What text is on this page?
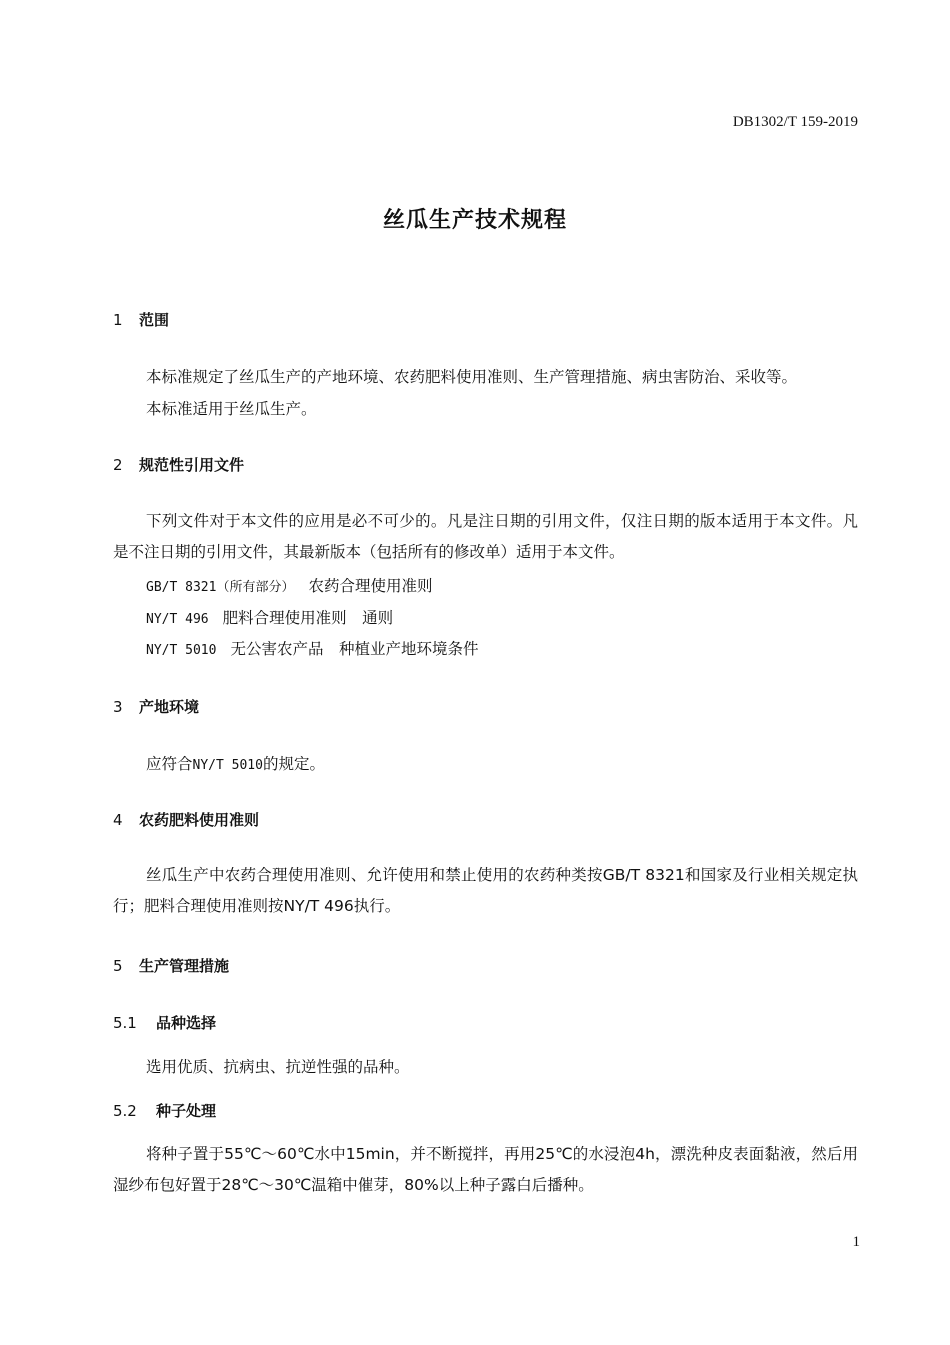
DB1302/T 159-2019
丝瓜生产技术规程
1 范围
本标准规定了丝瓜生产的产地环境、农药肥料使用准则、生产管理措施、病虫害防治、采收等。
本标准适用于丝瓜生产。
2 规范性引用文件
下列文件对于本文件的应用是必不可少的。凡是注日期的引用文件，仅注日期的版本适用于本文件。凡是不注日期的引用文件，其最新版本（包括所有的修改单）适用于本文件。
GB/T 8321（所有部分） 农药合理使用准则
NY/T 496 肥料合理使用准则　通则
NY/T 5010 无公害农产品　种植业产地环境条件
3 产地环境
应符合NY/T 5010的规定。
4 农药肥料使用准则
丝瓜生产中农药合理使用准则、允许使用和禁止使用的农药种类按GB/T 8321和国家及行业相关规定执行；肥料合理使用准则按NY/T 496执行。
5 生产管理措施
5.1 品种选择
选用优质、抗病虫、抗逆性强的品种。
5.2 种子处理
将种子置于55℃～60℃水中15min，并不断搅拌，再用25℃的水浸泡4h，漂洗种皮表面黏液，然后用湿纱布包好置于28℃～30℃温箱中催芽，80%以上种子露白后播种。
1
